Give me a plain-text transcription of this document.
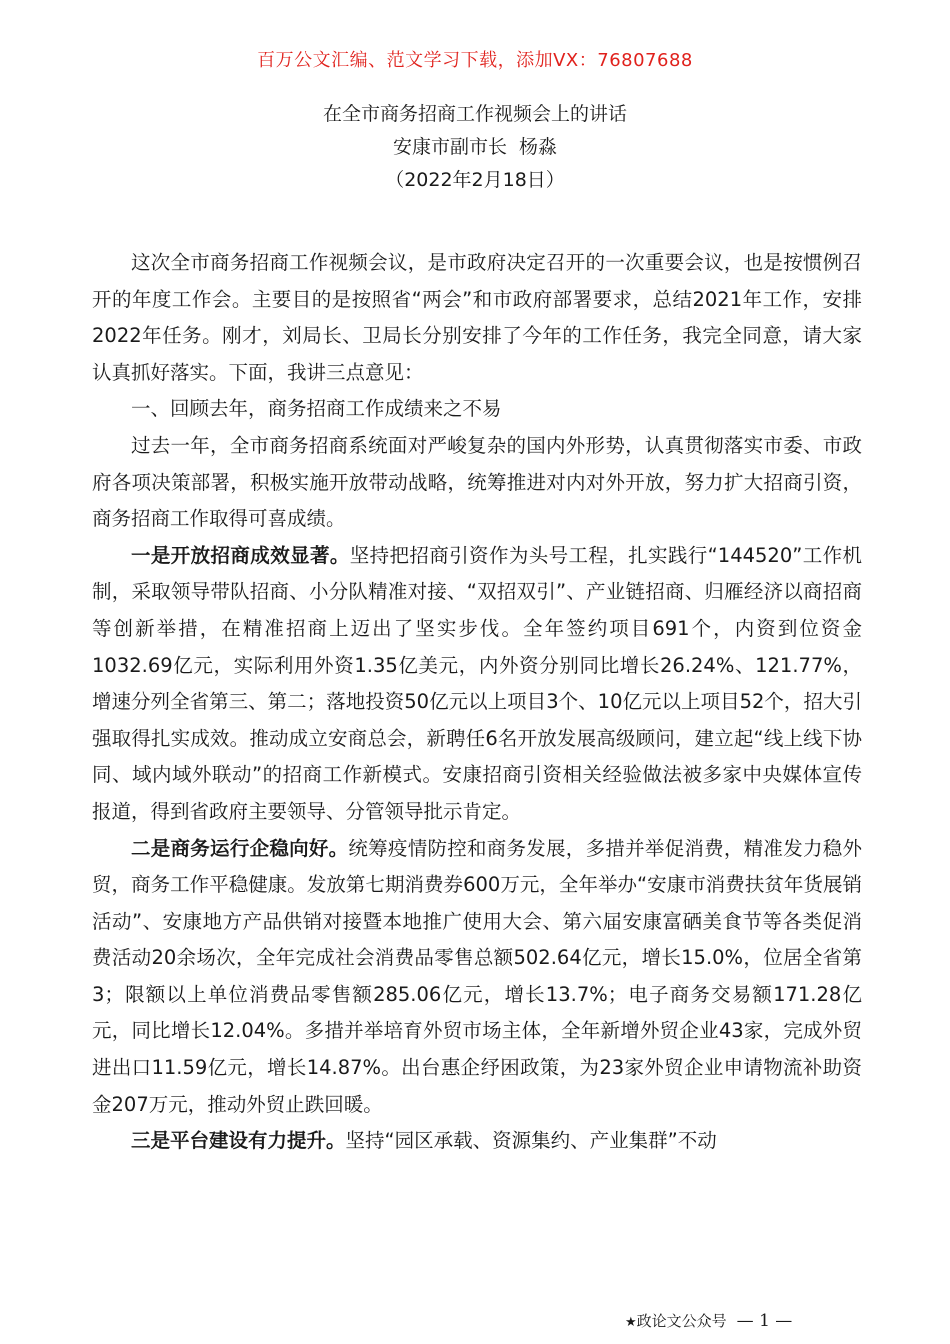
百万公文汇编、范文学习下载，添加VX：76807688
在全市商务招商工作视频会上的讲话
安康市副市长  杨淼
（2022年2月18日）

这次全市商务招商工作视频会议，是市政府决定召开的一次重要会议，也是按惯例召开的年度工作会。主要目的是按照省“两会”和市政府部署要求，总结2021年工作，安排2022年任务。刚才，刘局长、卫局长分别安排了今年的工作任务，我完全同意，请大家认真抓好落实。下面，我讲三点意见：

一、回顾去年，商务招商工作成绩来之不易

过去一年，全市商务招商系统面对严峻复杂的国内外形势，认真贯彻落实市委、市政府各项决策部署，积极实施开放带动战略，统筹推进对内对外开放，努力扩大招商引资，商务招商工作取得可喜成绩。

一是开放招商成效显著。坚持把招商引资作为头号工程，扎实践行“144520”工作机制，采取领导带队招商、小分队精准对接、“双招双引”、产业链招商、归雁经济以商招商等创新举措，在精准招商上迈出了坚实步伐。全年签约项目691个，内资到位资金1032.69亿元，实际利用外资1.35亿美元，内外资分别同比增长26.24%、121.77%，增速分列全省第三、第二；落地投资50亿元以上项目3个、10亿元以上项目52个，招大引强取得扎实成效。推动成立安商总会，新聘任6名开放发展高级顾问，建立起“线上线下协同、域内域外联动”的招商工作新模式。安康招商引资相关经验做法被多家中央媒体宣传报道，得到省政府主要领导、分管领导批示肯定。

二是商务运行企稳向好。统筹疫情防控和商务发展，多措并举促消费，精准发力稳外贸，商务工作平稳健康。发放第七期消费券600万元，全年举办“安康市消费扶贫年货展销活动”、安康地方产品供销对接暨本地推广使用大会、第六届安康富硒美食节等各类促消费活动20余场次，全年完成社会消费品零售总额502.64亿元，增长15.0%，位居全省第3；限额以上单位消费品零售额285.06亿元，增长13.7%；电子商务交易额171.28亿元，同比增长12.04%。多措并举培育外贸市场主体，全年新增外贸企业43家，完成外贸进出口11.59亿元，增长14.87%。出台惠企纾困政策，为23家外贸企业申请物流补助资金207万元，推动外贸止跌回暖。

三是平台建设有力提升。坚持“园区承载、资源集约、产业集群”不动

★政论文公众号 — 1 —
